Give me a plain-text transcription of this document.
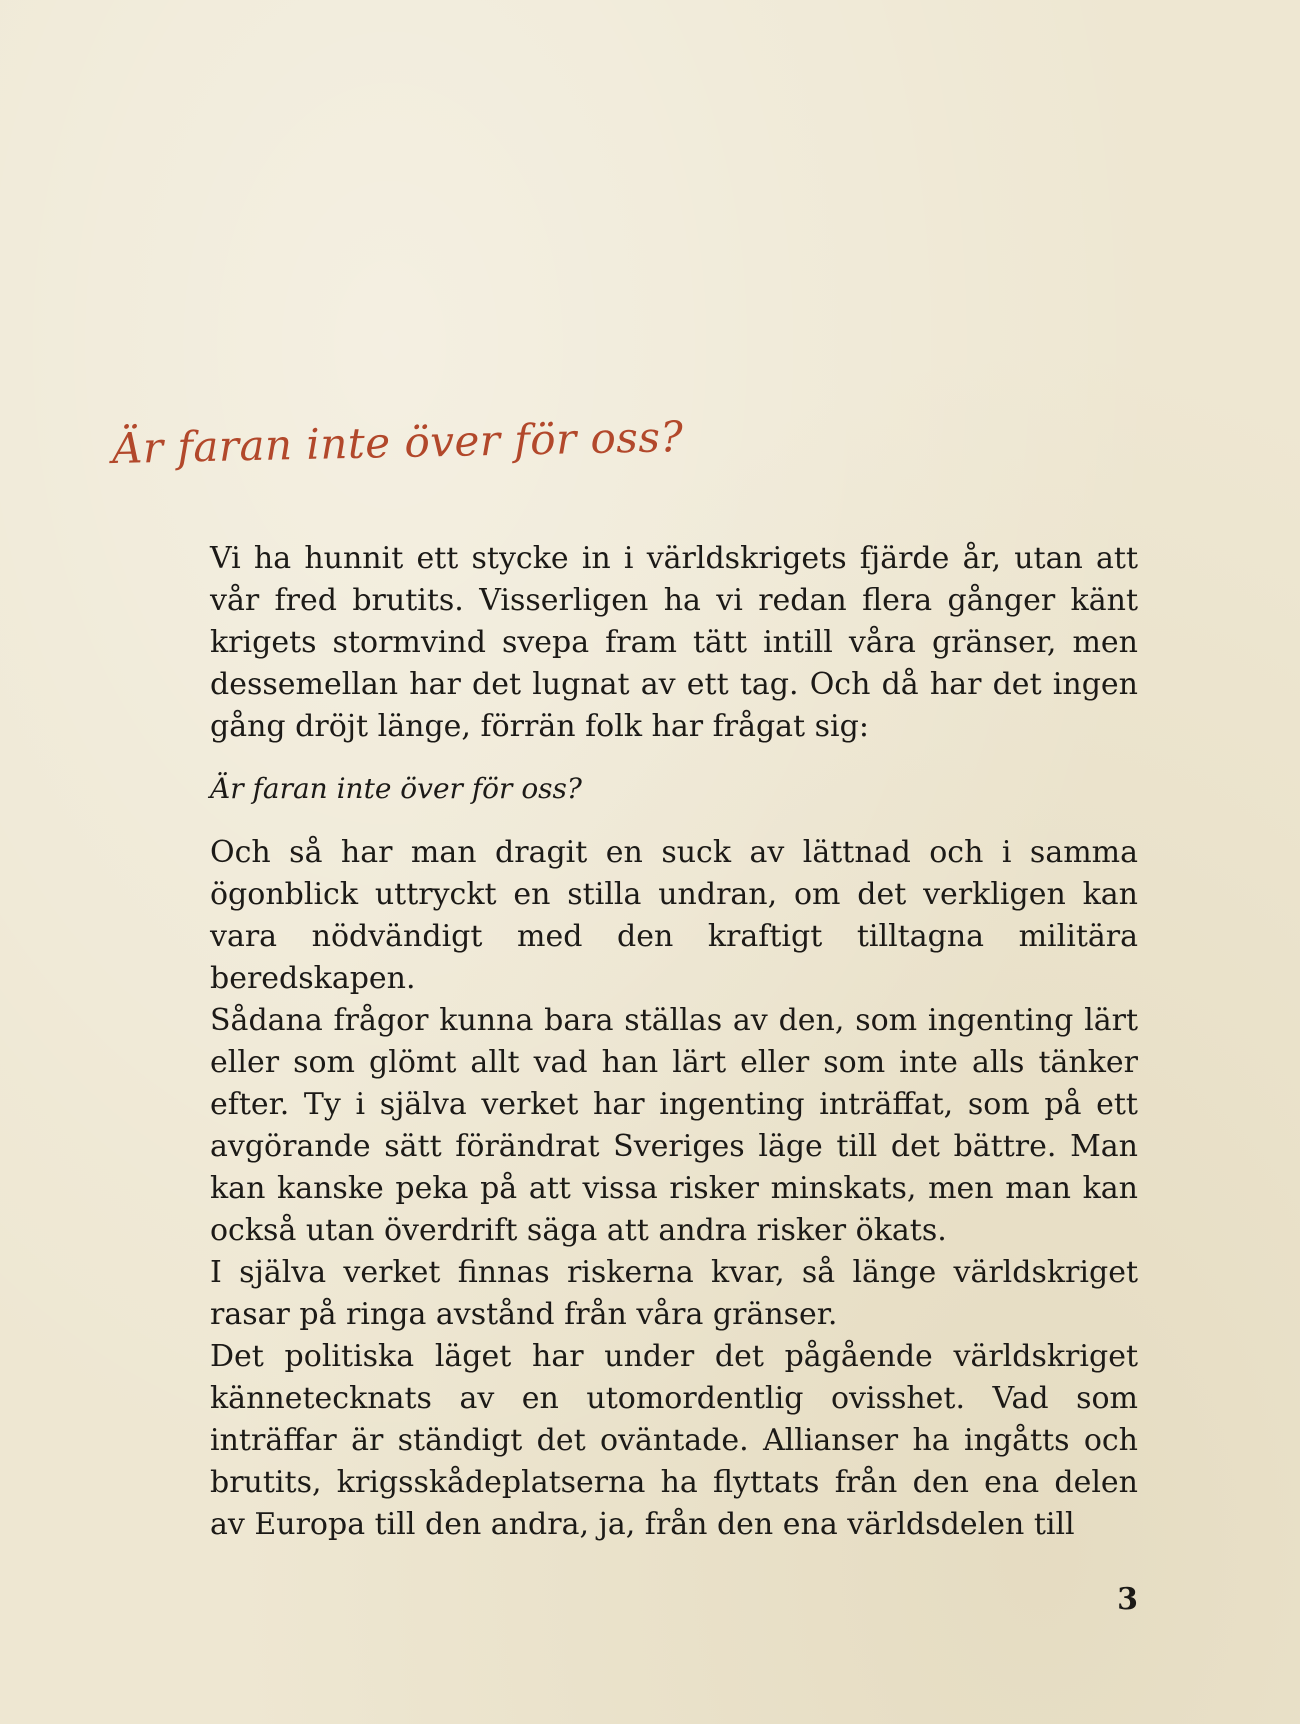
Är faran inte över för oss?

Vi ha hunnit ett stycke in i världskrigets fjärde år, utan att vår fred brutits. Visserligen ha vi redan flera gånger känt krigets stormvind svepa fram tätt intill våra gränser, men dessemellan har det lugnat av ett tag. Och då har det ingen gång dröjt länge, förrän folk har frågat sig:

Är faran inte över för oss?

Och så har man dragit en suck av lättnad och i samma ögonblick uttryckt en stilla undran, om det verkligen kan vara nödvändigt med den kraftigt tilltagna militära beredskapen.

Sådana frågor kunna bara ställas av den, som ingenting lärt eller som glömt allt vad han lärt eller som inte alls tänker efter. Ty i själva verket har ingenting inträffat, som på ett avgörande sätt förändrat Sveriges läge till det bättre. Man kan kanske peka på att vissa risker minskats, men man kan också utan överdrift säga att andra risker ökats.

I själva verket finnas riskerna kvar, så länge världskriget rasar på ringa avstånd från våra gränser.

Det politiska läget har under det pågående världskriget kännetecknats av en utomordentlig ovisshet. Vad som inträffar är ständigt det oväntade. Allianser ha ingåtts och brutits, krigsskådeplatserna ha flyttats från den ena delen av Europa till den andra, ja, från den ena världsdelen till

3
